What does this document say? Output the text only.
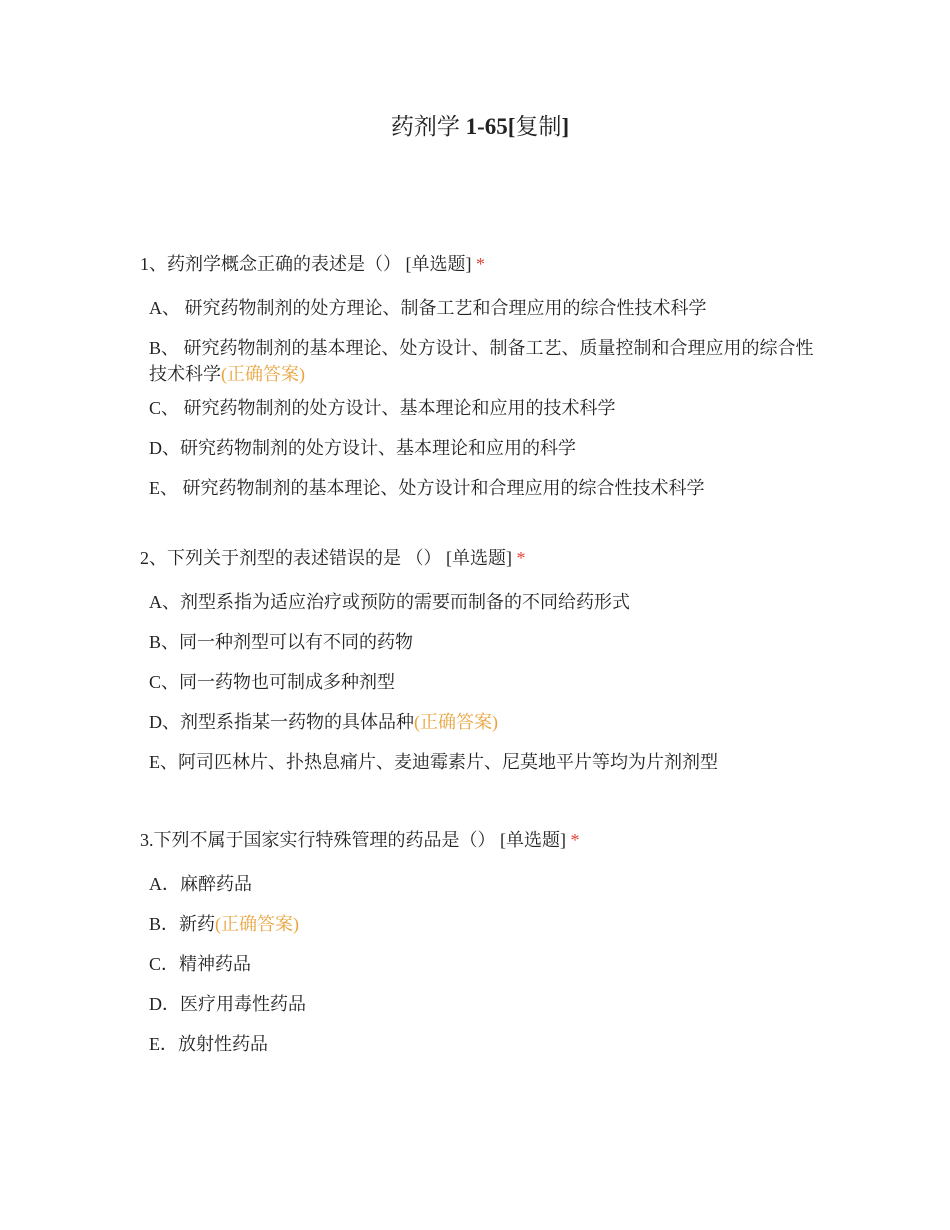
药剂学 1-65[复制]
1、药剂学概念正确的表述是（） [单选题] *
A、 研究药物制剂的处方理论、制备工艺和合理应用的综合性技术科学
B、 研究药物制剂的基本理论、处方设计、制备工艺、质量控制和合理应用的综合性技术科学(正确答案)
C、 研究药物制剂的处方设计、基本理论和应用的技术科学
D、研究药物制剂的处方设计、基本理论和应用的科学
E、 研究药物制剂的基本理论、处方设计和合理应用的综合性技术科学
2、下列关于剂型的表述错误的是 （） [单选题] *
A、剂型系指为适应治疗或预防的需要而制备的不同给药形式
B、同一种剂型可以有不同的药物
C、同一药物也可制成多种剂型
D、剂型系指某一药物的具体品种(正确答案)
E、阿司匹林片、扑热息痛片、麦迪霉素片、尼莫地平片等均为片剂剂型
3.下列不属于国家实行特殊管理的药品是（） [单选题] *
A．麻醉药品
B．新药(正确答案)
C．精神药品
D．医疗用毒性药品
E．放射性药品
